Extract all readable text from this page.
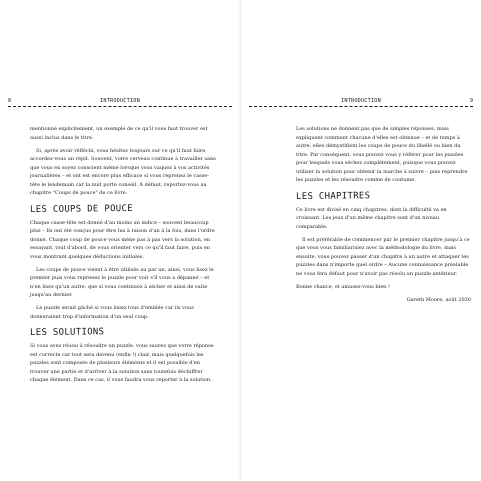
8	INTRODUCTION

mentionné explicitement, un exemple de ce qu'il vous faut trouver est aussi inclus dans le titre.

Si, après avoir réfléchi, vous hésitez toujours sur ce qu'il faut faire, accordez-vous un répit. Souvent, votre cerveau continue à travailler sans que vous en soyez conscient même lorsque vous vaquez à vos activités journalières – et ont est encore plus efficace si vous reprenez le casse-tête le lendemain car la nuit porte conseil. À défaut, reportez-vous au chapitre "Coups de pouce" de ce livre.

LES COUPS DE POUCE

Chaque casse-tête est donné d'au moins un indice – souvent beaucoup plus – Ils ont été conçus pour être lus à raison d'un à la fois, dans l'ordre donné. Chaque coup de pouce vous mène pas à pas vers la solution, en essayant, tout d'abord, de vous orienter vers ce qu'il faut faire, puis en vous montrant quelques déductions initiales.

Les coups de pouce visent à être utilisés au par un, ainsi, vous lisez le premier puis vous reprenez le puzzle pour voir s'il vous a dépanné – et n'en lisez qu'un autre, que si vous continuez à sécher et ainsi de suite jusqu'au dernier.

Le puzzle serait gâché si vous lisiez tous d'emblée car ils vous donneraient trop d'information d'un seul coup.

LES SOLUTIONS

Si vous avez réussi à résoudre un puzzle, vous saurez que votre réponse est correcte car tout sera devenu (enfin !) clair, mais quelquefois les puzzles sont composés de plusieurs éléments et il est possible d'en trouver une partie et d'arriver à la solution sans toutefois déchiffrer chaque élément. Dans ce cas, il vous faudra vous reporter à la solution.

INTRODUCTION	9

Les solutions ne donnent pas que de simples réponses, mais expliquent comment chacune d'elles est obtenue – et de temps à autre, elles démystifient les coups de pouce du libellé ou bien du titre. Par conséquent, vous pouvez vous y référer pour les puzzles pour lesquels vous séchez complètement, puisque vous pouvez utiliser la solution pour obtenir la marche à suivre – puis reprendre les puzzles et les résoudre comme de coutume.

LES CHAPITRES

Ce livre est divisé en cinq chapitres, dont la difficulté va en croissant. Les jeux d'un même chapitre sont d'un niveau comparable.

Il est préférable de commencer par le premier chapitre jusqu'à ce que vous vous familiarisiez avec la méthodologie du livre, mais ensuite, vous pouvez passer d'un chapitre à un autre et attaquer les puzzles dans n'importe quel ordre – Aucune connaissance préalable ne vous fera défaut pour n'avoir pas résolu un puzzle antérieur.

Bonne chance, et amusez-vous bien !

Gareth Moore, août 2020
